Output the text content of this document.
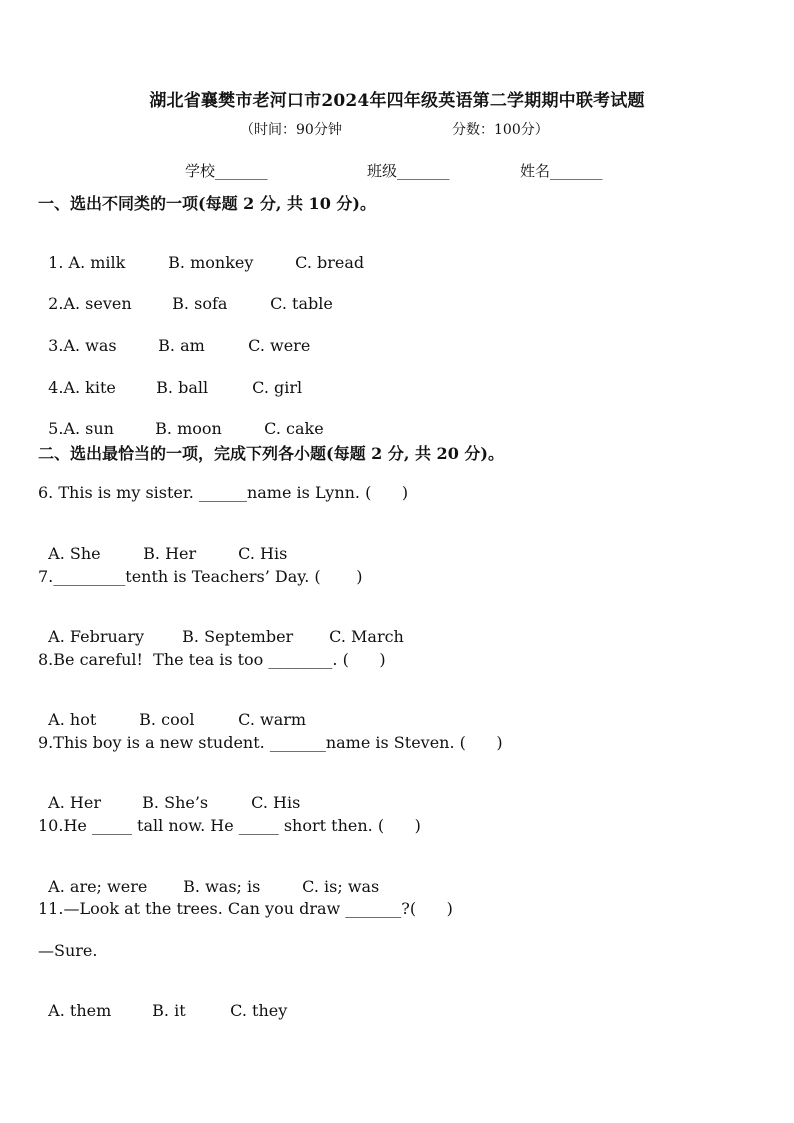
湖北省襄樊市老河口市2024年四年级英语第二学期期中联考试题
（时间：90分钟	分数：100分）
学校_______	班级_______	姓名_______
一、选出不同类的一项(每题 2 分, 共 10 分)。

1. A. milk	B. monkey	C. bread

2.A. seven	B. sofa	C. table

3.A. was	B. am	C. were

4.A. kite	B. ball	C. girl

5.A. sun	B. moon	C. cake

二、选出最恰当的一项，完成下列各小题(每题 2 分, 共 20 分)。
6. This is my sister. ______name is Lynn. (      )

A. She	B. Her	C. His

7._________tenth is Teachers’ Day. (       )

A. February B. September C. March

8.Be careful!  The tea is too ________. (      )

A. hot	B. cool	C. warm

9.This boy is a new student. _______name is Steven. (      )

A. Her	B. She’s	C. His

10.He _____ tall now. He _____ short then. (      )

A. are; were B. was; is	C. is; was

11.—Look at the trees. Can you draw _______?(      )
—Sure.

A. them	B. it	C. they
